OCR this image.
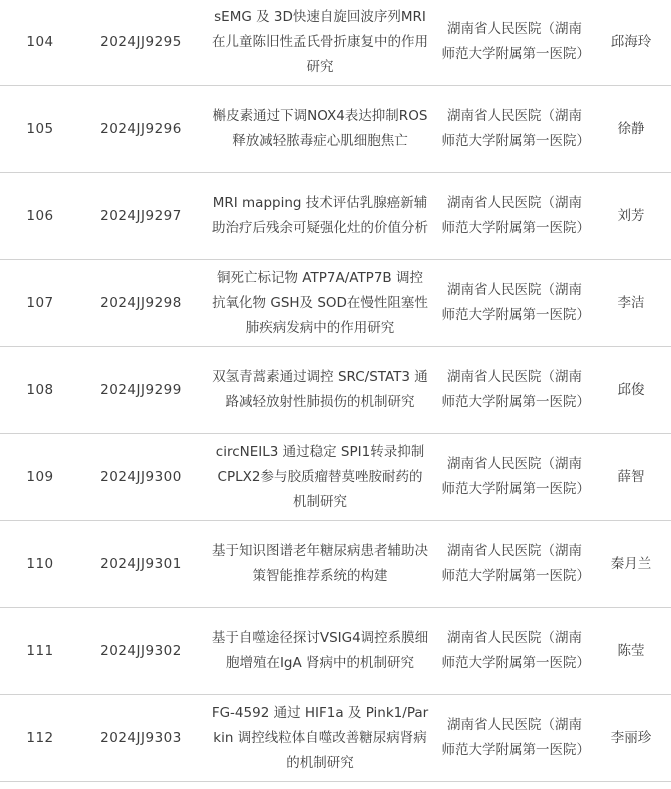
104	2024JJ9295	sEMG 及 3D快速自旋回波序列MRI 在儿童陈旧性孟氏骨折康复中的作用研究	湖南省人民医院（湖南师范大学附属第一医院）	邱海玲
105	2024JJ9296	槲皮素通过下调NOX4表达抑制ROS 释放减轻脓毒症心肌细胞焦亡	湖南省人民医院（湖南师范大学附属第一医院）	徐静
106	2024JJ9297	MRI mapping 技术评估乳腺癌新辅助治疗后残余可疑强化灶的价值分析	湖南省人民医院（湖南师范大学附属第一医院）	刘芳
107	2024JJ9298	铜死亡标记物 ATP7A/ATP7B 调控抗氧化物 GSH及 SOD在慢性阻塞性肺疾病发病中的作用研究	湖南省人民医院（湖南师范大学附属第一医院）	李洁
108	2024JJ9299	双氢青蒿素通过调控 SRC/STAT3 通路减轻放射性肺损伤的机制研究	湖南省人民医院（湖南师范大学附属第一医院）	邱俊
109	2024JJ9300	circNEIL3 通过稳定 SPI1转录抑制 CPLX2参与胶质瘤替莫唑胺耐药的机制研究	湖南省人民医院（湖南师范大学附属第一医院）	薛智
110	2024JJ9301	基于知识图谱老年糖尿病患者辅助决策智能推荐系统的构建	湖南省人民医院（湖南师范大学附属第一医院）	秦月兰
111	2024JJ9302	基于自噬途径探讨VSIG4调控系膜细胞增殖在IgA 肾病中的机制研究	湖南省人民医院（湖南师范大学附属第一医院）	陈莹
112	2024JJ9303	FG-4592 通过 HIF1a 及 Pink1/Parkin 调控线粒体自噬改善糖尿病肾病的机制研究	湖南省人民医院（湖南师范大学附属第一医院）	李丽珍
